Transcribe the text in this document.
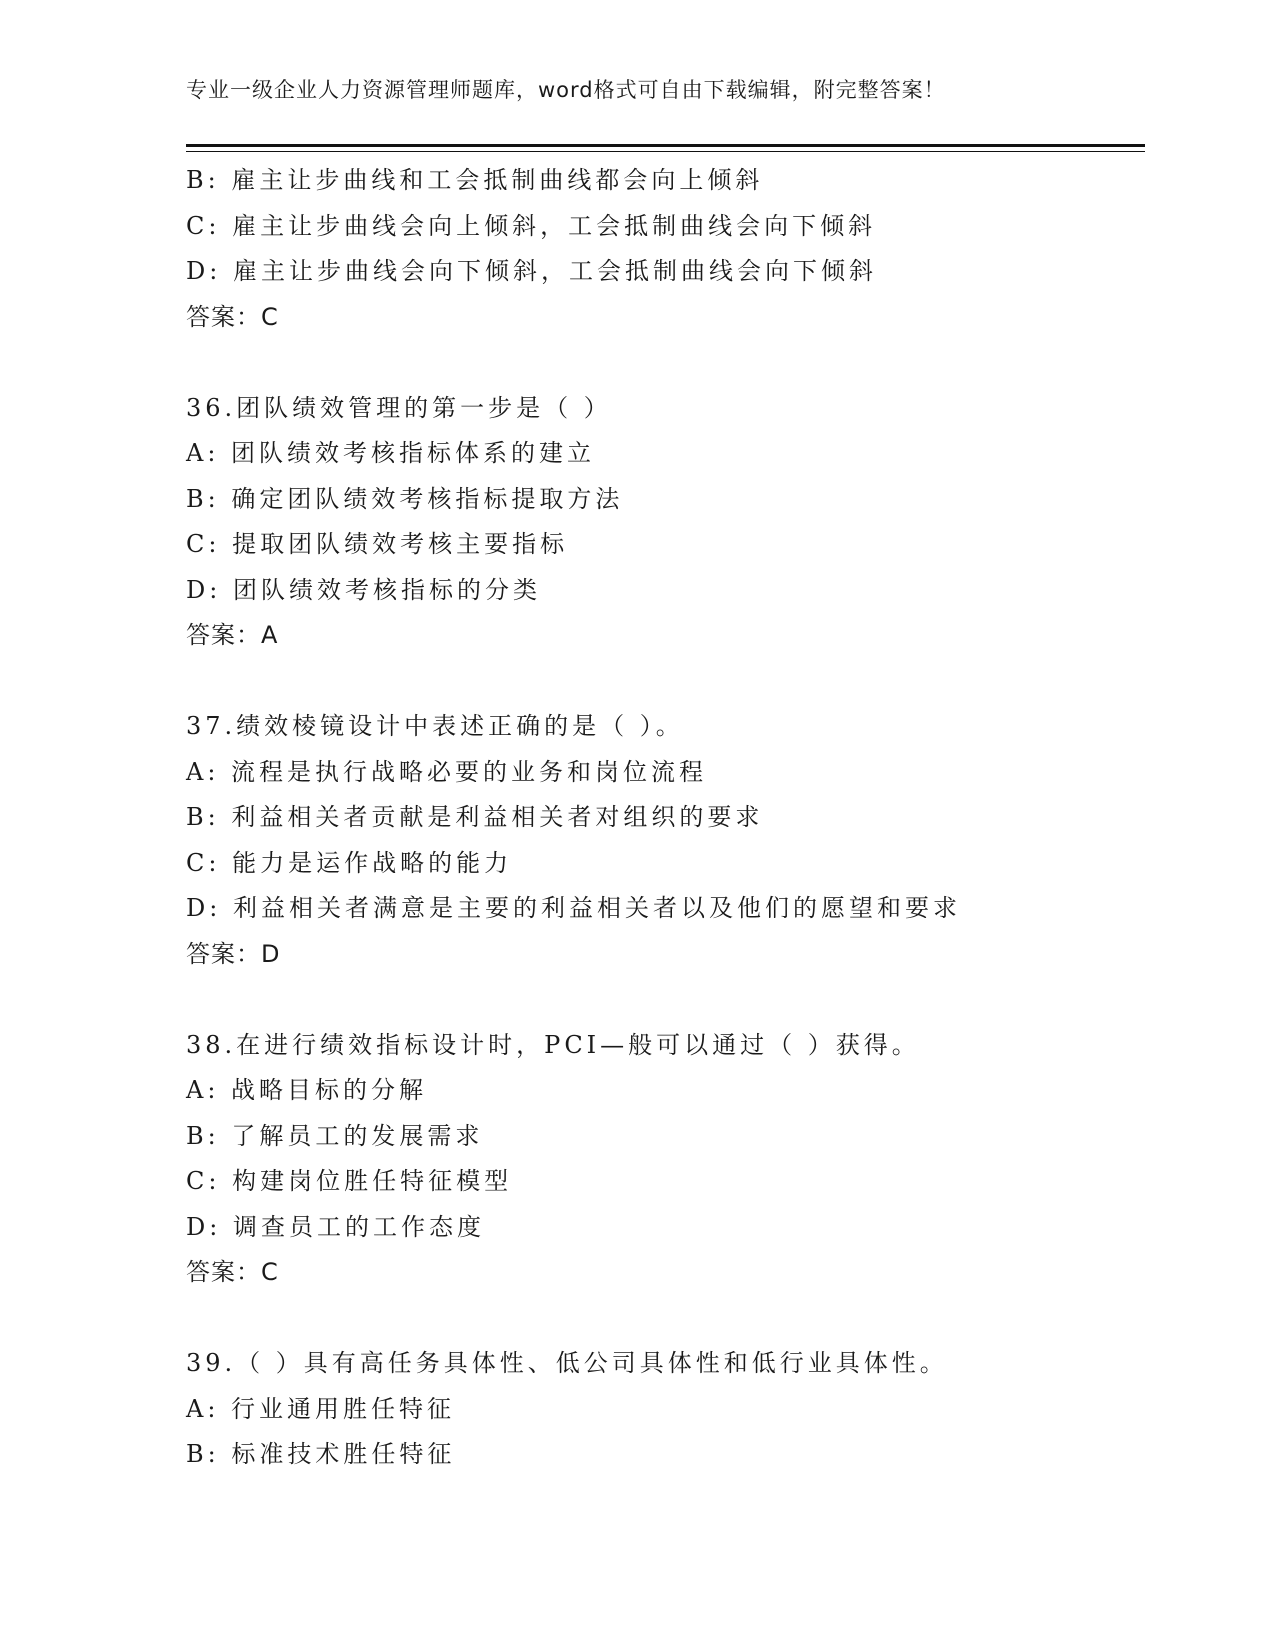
专业一级企业人力资源管理师题库，word格式可自由下载编辑，附完整答案！
B: 雇主让步曲线和工会抵制曲线都会向上倾斜
C: 雇主让步曲线会向上倾斜，工会抵制曲线会向下倾斜
D: 雇主让步曲线会向下倾斜，工会抵制曲线会向下倾斜
答案：C
36.团队绩效管理的第一步是（ ）
A: 团队绩效考核指标体系的建立
B: 确定团队绩效考核指标提取方法
C: 提取团队绩效考核主要指标
D: 团队绩效考核指标的分类
答案：A
37.绩效棱镜设计中表述正确的是（ ）。
A: 流程是执行战略必要的业务和岗位流程
B: 利益相关者贡献是利益相关者对组织的要求
C: 能力是运作战略的能力
D: 利益相关者满意是主要的利益相关者以及他们的愿望和要求
答案：D
38.在进行绩效指标设计时，PCI—般可以通过（ ）获得。
A: 战略目标的分解
B: 了解员工的发展需求
C: 构建岗位胜任特征模型
D: 调查员工的工作态度
答案：C
39.（ ）具有高任务具体性、低公司具体性和低行业具体性。
A: 行业通用胜任特征
B: 标准技术胜任特征
